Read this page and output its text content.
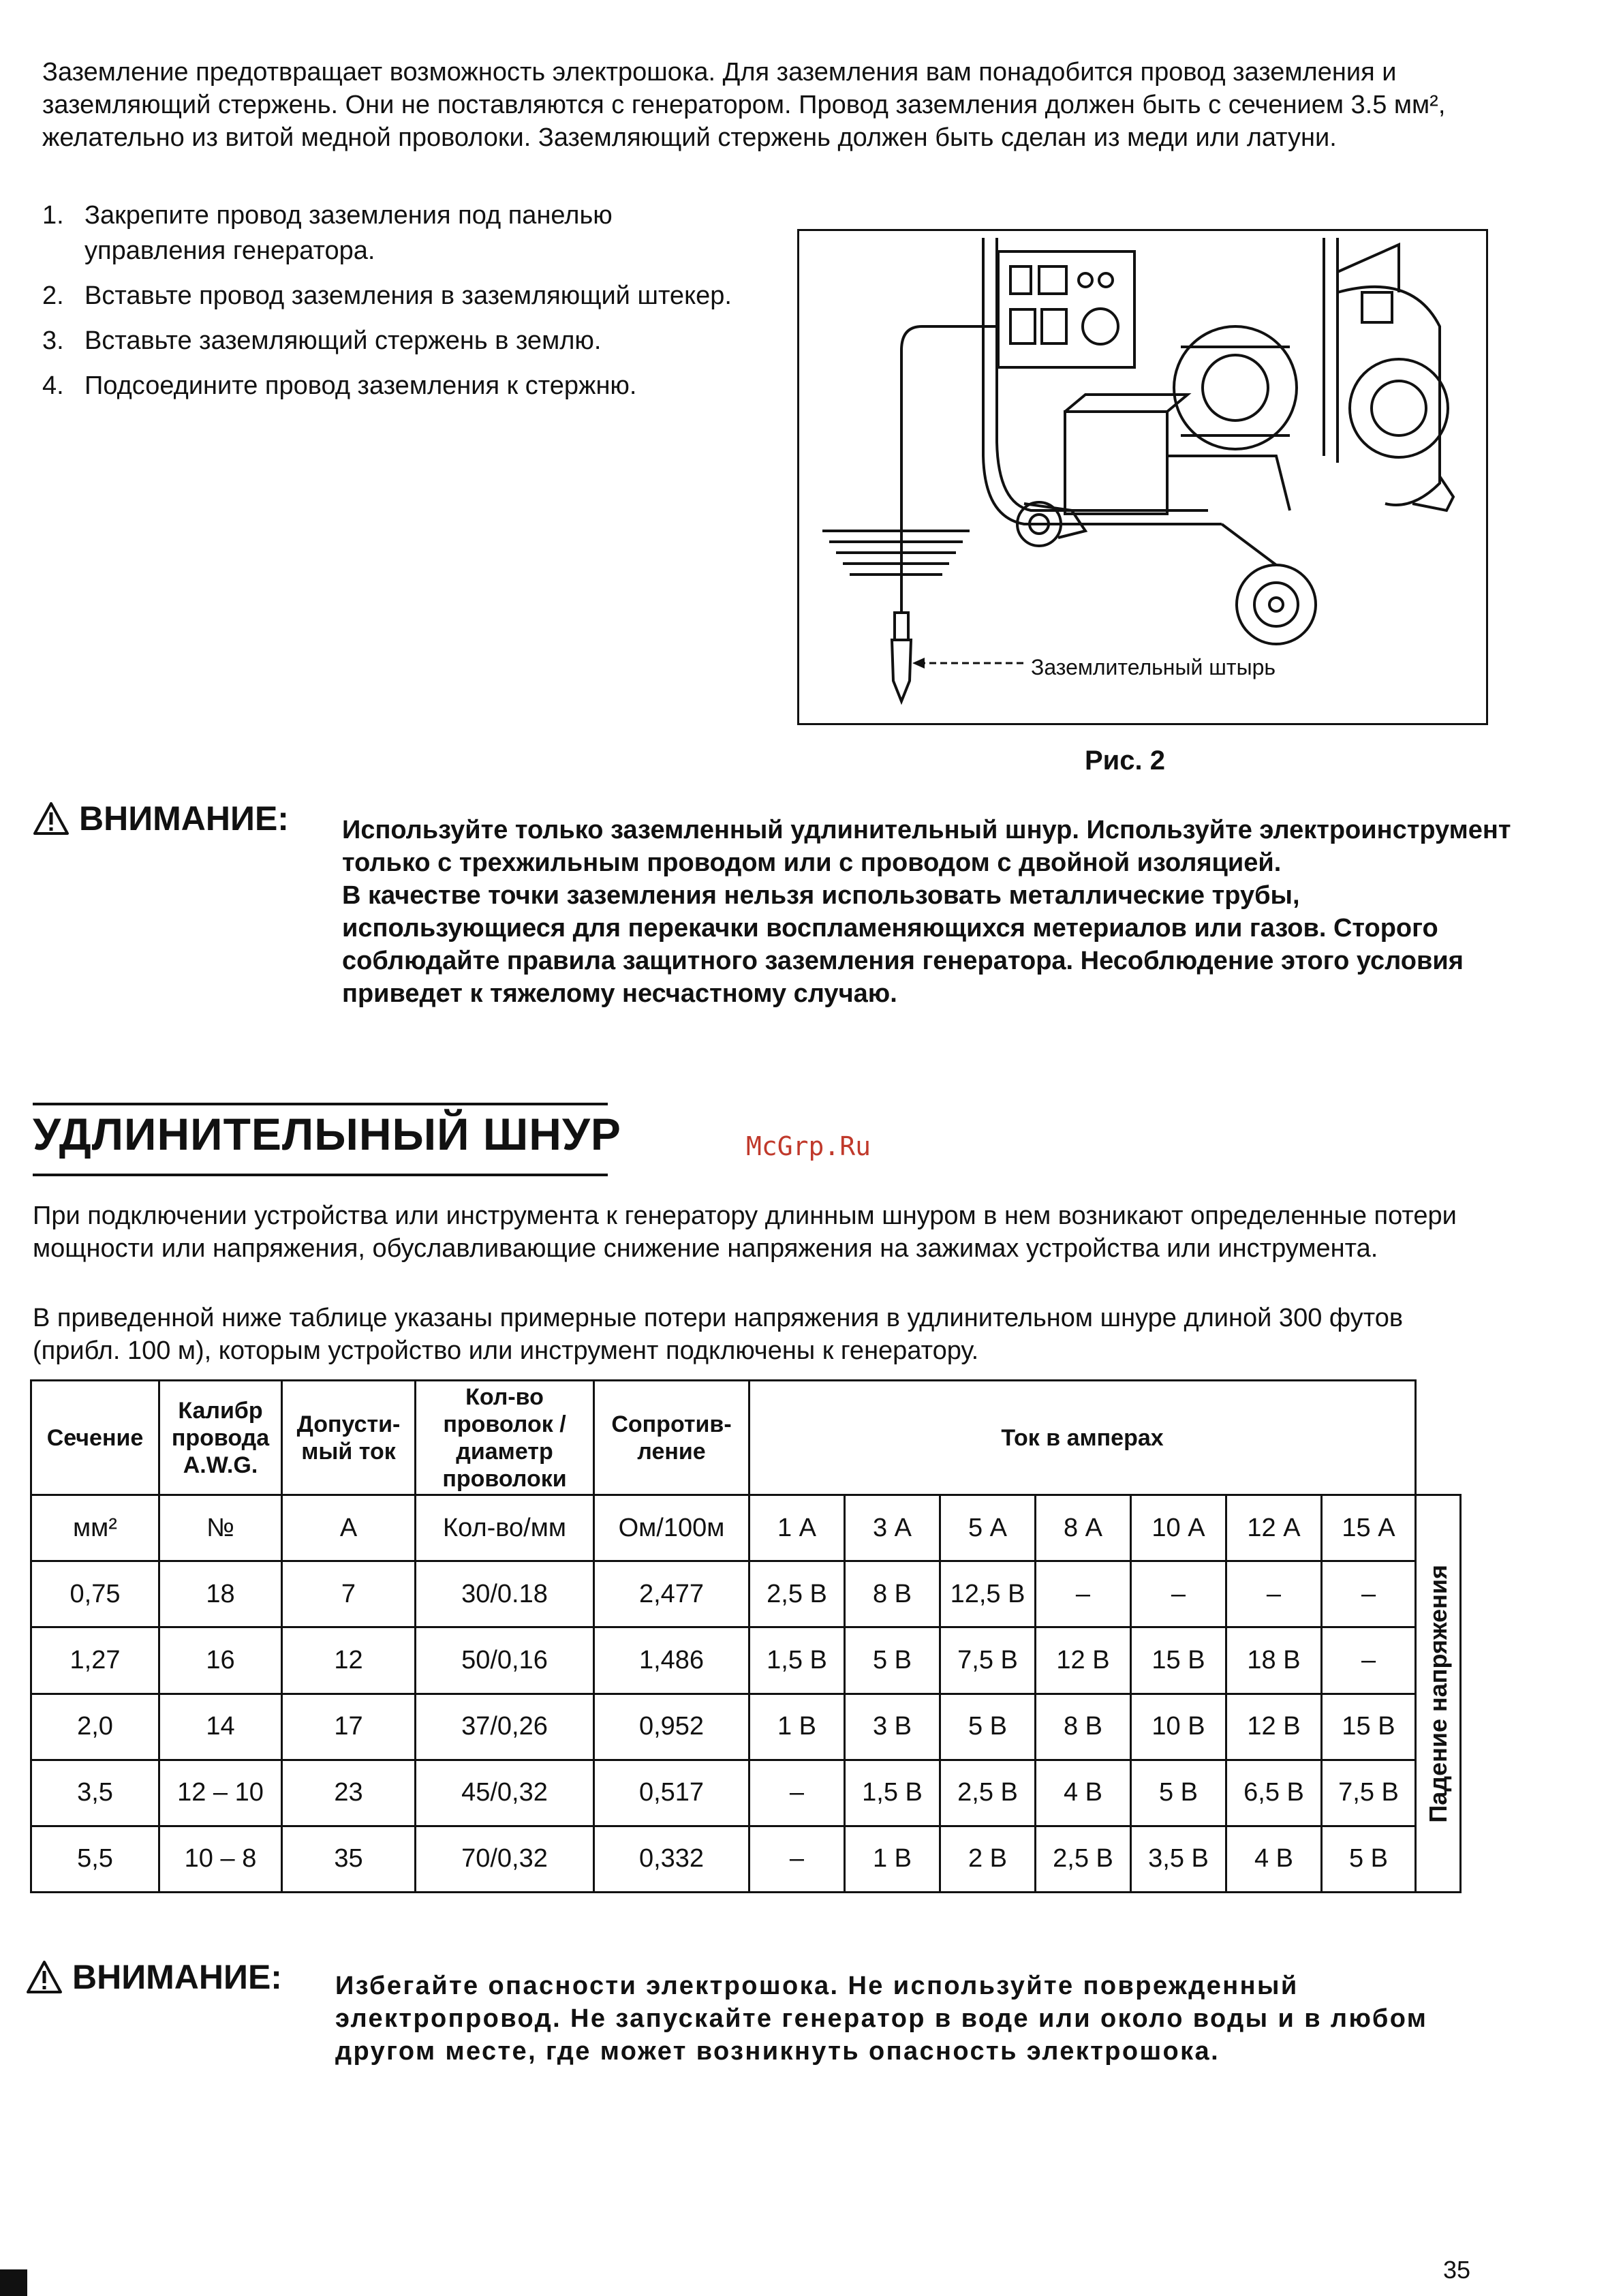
Заземление предотвращает возможность электрошока. Для заземления вам понадобится провод заземления и заземляющий стержень. Они не поставляются с генератором. Провод заземления должен быть с сечением 3.5 мм², желательно из витой медной проволоки. Заземляющий стержень должен быть сделан из меди или латуни.

1. Закрепите провод заземления под панелью управления генератора.
2. Вставьте провод заземления в заземляющий штекер.
3. Вставьте заземляющий стержень в землю.
4. Подсоедините провод заземления к стержню.
Заземлительный штырь
Рис. 2
ВНИМАНИЕ: Используйте только заземленный удлинительный шнур. Используйте электроинструмент только с трехжильным проводом или с проводом с двойной изоляцией.
В качестве точки заземления нельзя использовать металлические трубы, использующиеся для перекачки воспламеняющихся метериалов или газов. Сторого соблюдайте правила защитного заземления генератора. Несоблюдение этого условия приведет к тяжелому несчастному случаю.
УДЛИНИТЕЛЫНЫЙ ШНУР	McGrp.Ru

При подключении устройства или инструмента к генератору длинным шнуром в нем возникают определенные потери мощности или напряжения, обуславливающие снижение напряжения на зажимах устройства или инструмента.

В приведенной ниже таблице указаны примерные потери напряжения в удлинительном шнуре длиной 300 футов (прибл. 100 м), которым устройство или инструмент подключены к генератору.

Сечение	Калибр провода A.W.G.	Допусти-мый ток	Кол-во проволок / диаметр проволоки	Сопротив-ление	Ток в амперах							
мм²	№	А	Кол-во/мм	Ом/100м	1 А	3 А	5 А	8 А	10 А	12 А	15 А	Падение напряжения

0,75	18	7	30/0.18	2,477	2,5 В	8 В	12,5 В	–	–	–	–	
1,27	16	12	50/0,16	1,486	1,5 В	5 В	7,5 В	12 В	15 В	18 В	–	
2,0	14	17	37/0,26	0,952	1 В	3 В	5 В	8 В	10 В	12 В	15 В	
3,5	12 – 10	23	45/0,32	0,517	–	1,5 В	2,5 В	4 В	5 В	6,5 В	7,5 В	
5,5	10 – 8	35	70/0,32	0,332	–	1 В	2 В	2,5 В	3,5 В	4 В	5 В	
ВНИМАНИЕ: Избегайте опасности электрошока. Не используйте поврежденный электропровод. Не запускайте генератор в воде или около воды и в любом другом месте, где может возникнуть опасность электрошока.
35
